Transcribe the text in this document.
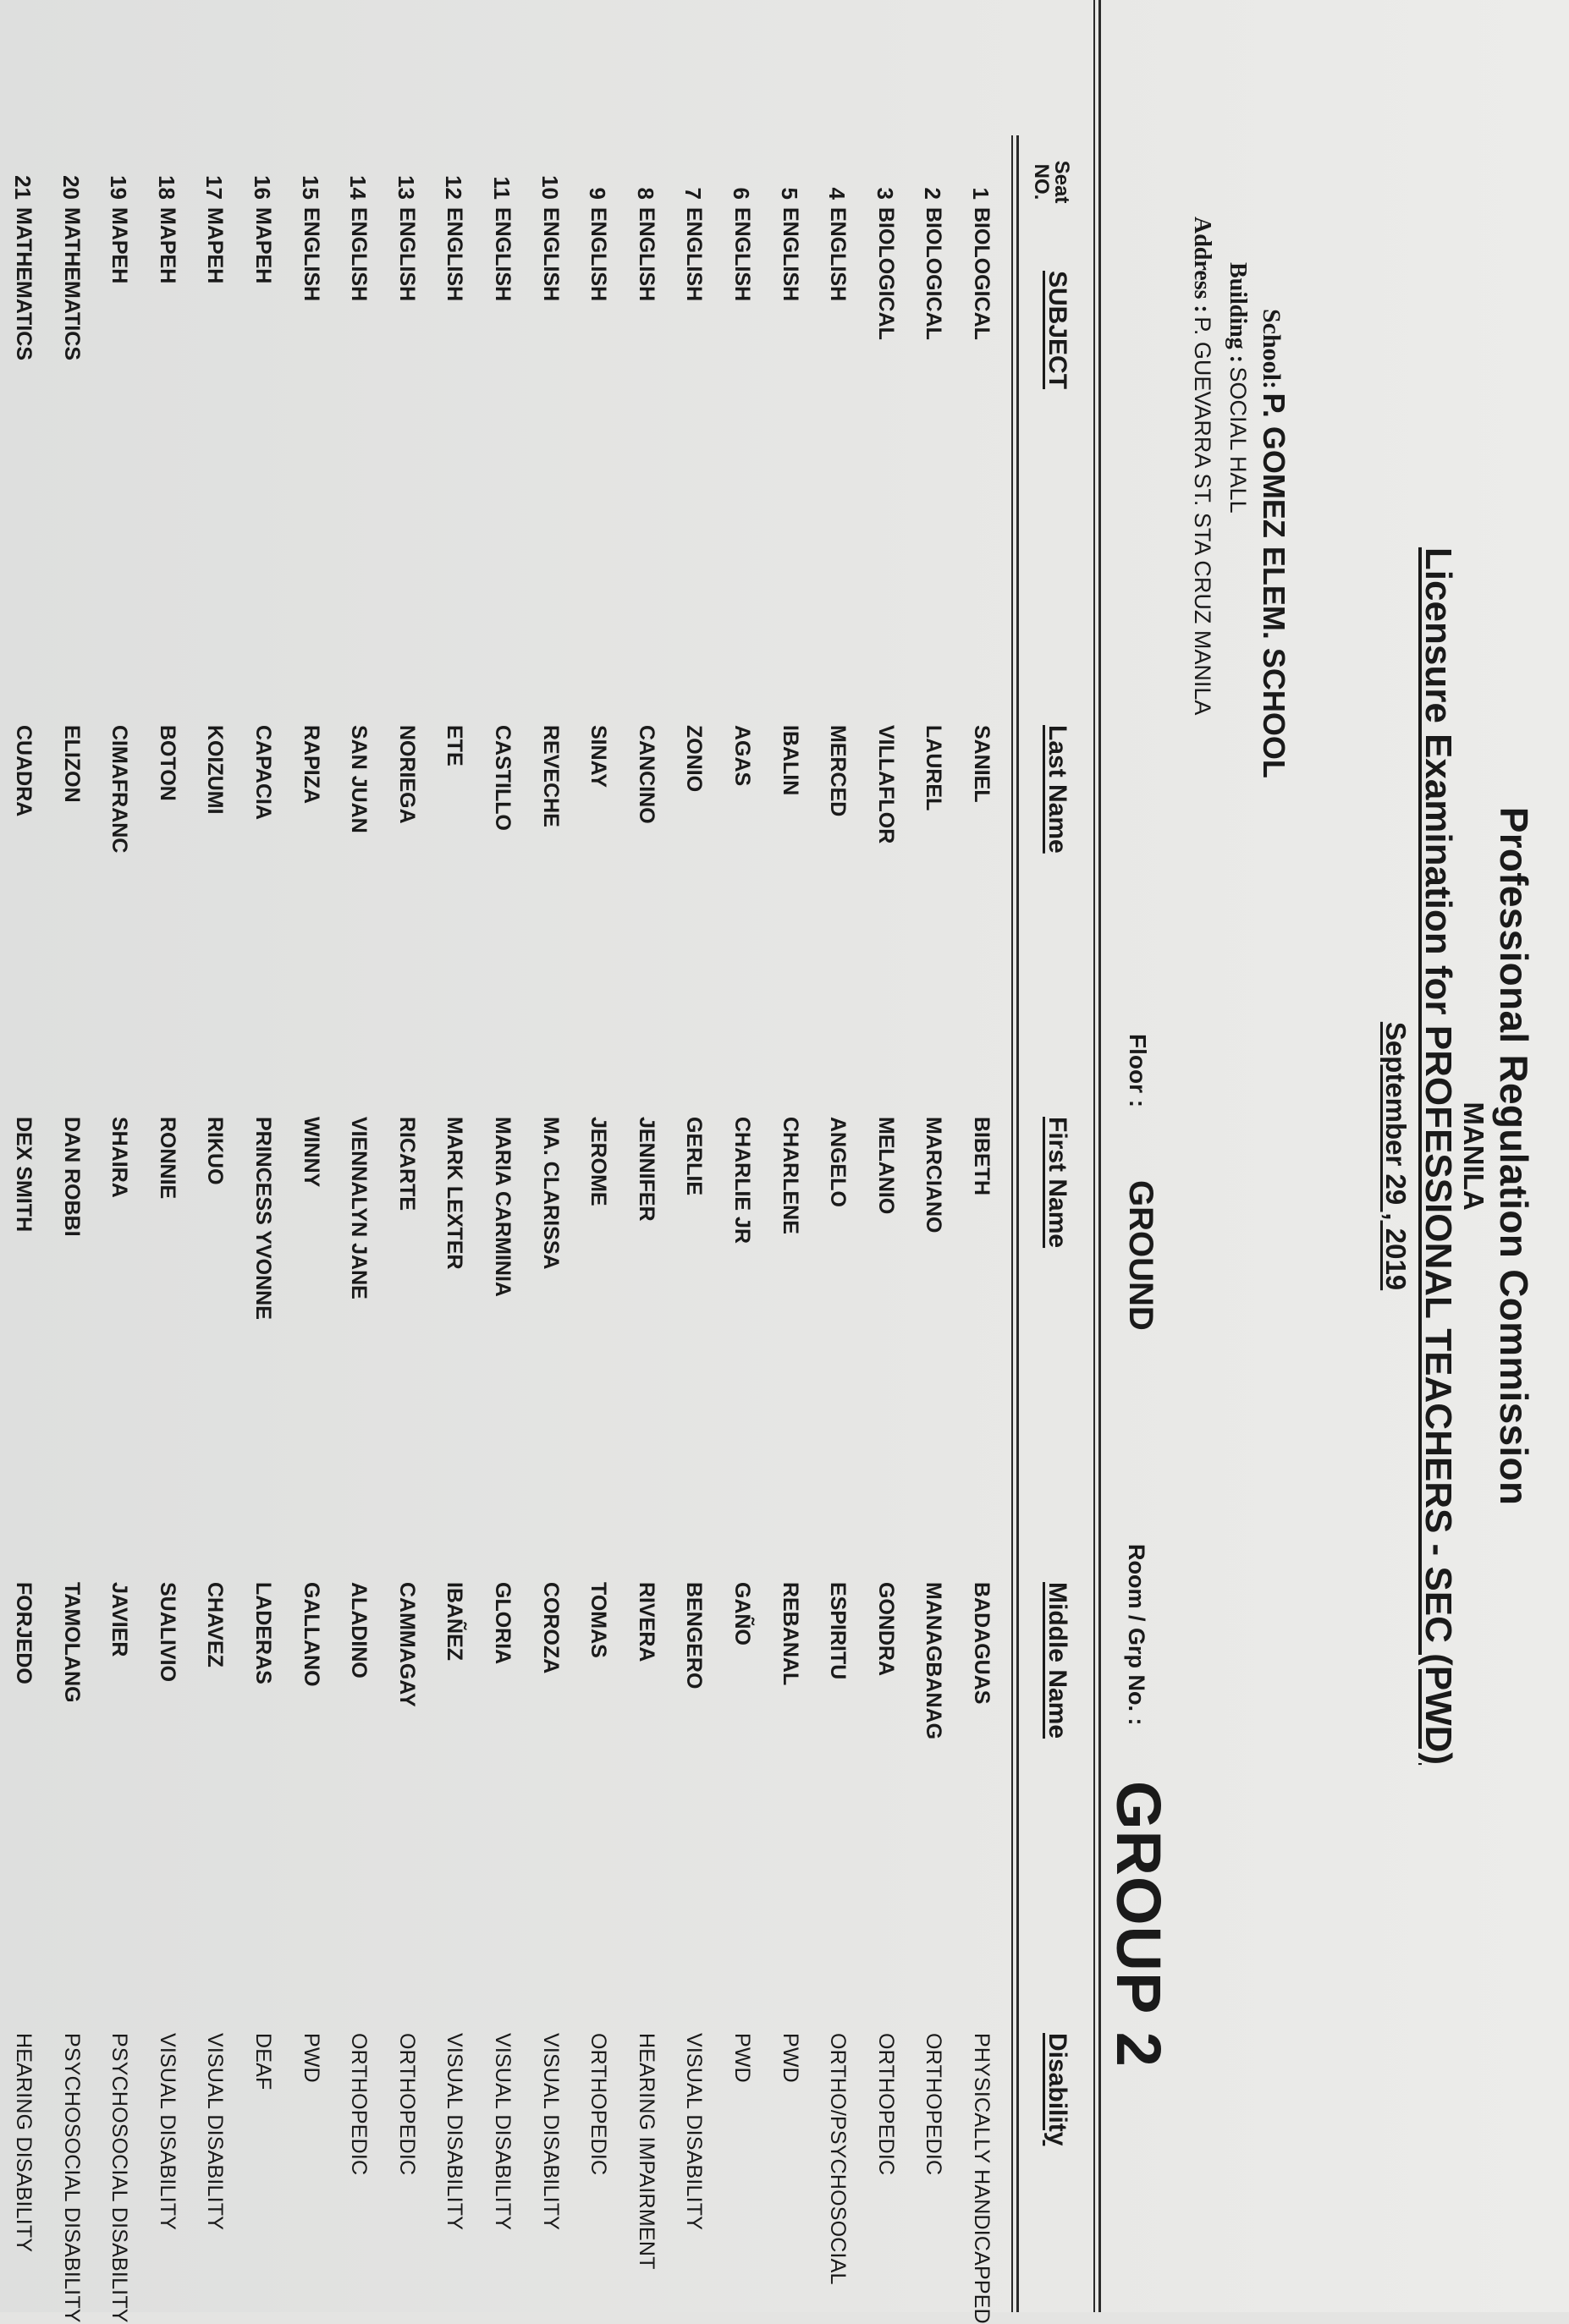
Professional Regulation Commission
MANILA
Licensure Examination for PROFESSIONAL TEACHERS - SEC (PWD)
September 29 , 2019
School: P. GOMEZ ELEM. SCHOOL
Building : SOCIAL HALL
Address : P. GUEVARRA ST. STA CRUZ MANILA
Floor :
GROUND
Room / Grp No. :
GROUP 2
Seat
NO.
SUBJECT
Last Name
First Name
Middle Name
Disability
1
BIOLOGICAL
SANIEL
BIBETH
BADAGUAS
PHYSICALLY HANDICAPPED
2
BIOLOGICAL
LAUREL
MARCIANO
MANAGBANAG
ORTHOPEDIC
3
BIOLOGICAL
VILLAFLOR
MELANIO
GONDRA
ORTHOPEDIC
4
ENGLISH
MERCED
ANGELO
ESPIRITU
ORTHO/PSYCHOSOCIAL
5
ENGLISH
IBALIN
CHARLENE
REBANAL
PWD
6
ENGLISH
AGAS
CHARLIE JR
GAÑO
PWD
7
ENGLISH
ZONIO
GERLIE
BENGERO
VISUAL DISABILITY
8
ENGLISH
CANCINO
JENNIFER
RIVERA
HEARING IMPAIRMENT
9
ENGLISH
SINAY
JEROME
TOMAS
ORTHOPEDIC
10
ENGLISH
REVECHE
MA. CLARISSA
COROZA
VISUAL DISABILITY
11
ENGLISH
CASTILLO
MARIA CARMINIA
GLORIA
VISUAL DISABILITY
12
ENGLISH
ETE
MARK LEXTER
IBAÑEZ
VISUAL DISABILITY
13
ENGLISH
NORIEGA
RICARTE
CAMMAGAY
ORTHOPEDIC
14
ENGLISH
SAN JUAN
VIENNALYN JANE
ALADINO
ORTHOPEDIC
15
ENGLISH
RAPIZA
WINNY
GALLANO
PWD
16
MAPEH
CAPACIA
PRINCESS YVONNE
LADERAS
DEAF
17
MAPEH
KOIZUMI
RIKUO
CHAVEZ
VISUAL DISABILITY
18
MAPEH
BOTON
RONNIE
SUALIVIO
VISUAL DISABILITY
19
MAPEH
CIMAFRANC
SHAIRA
JAVIER
PSYCHOSOCIAL DISABILITY
20
MATHEMATICS
ELIZON
DAN ROBBI
TAMOLANG
PSYCHOSOCIAL DISABILITY
21
MATHEMATICS
CUADRA
DEX SMITH
FORJEDO
HEARING DISABILITY
